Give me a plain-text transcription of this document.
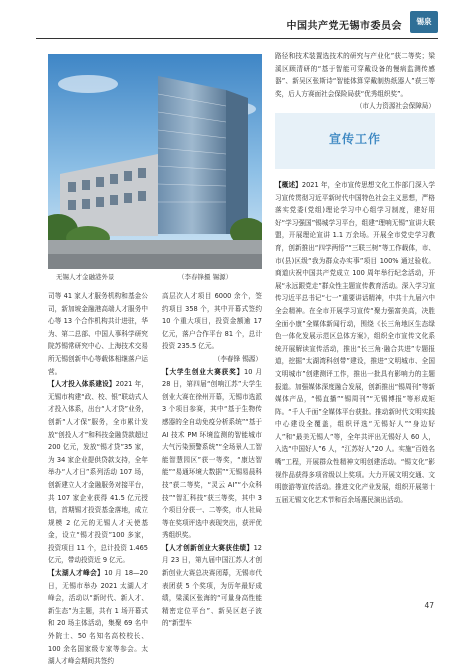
中国共产党无锡市委员会	锡泉
无锡人才金融港外景	（李春锋摄 锡源）

路径和技术装置选技术的研究与产业化”获二等奖；梁溪区顾清研的“基于智能可穿戴设备的慢病监测传感器”、新吴区张斯诗“智能体算穿戴制热纸器人”获三等奖，后人方赛面社会保险局获“优秀组织奖”。

（市人力资源社会保障局）

宣传工作

【概述】2021 年，全市宣传思想文化工作部门深入学习宣传贯彻习近平新时代中国特色社会主义思想，严格落实党委(党组)理论学习中心组学习制度，建好用好“学习强国”锡城学习平台，组建“理响无锡”宣讲大联盟，开展理论宣讲 1.1 万余场。开展全市党史学习教育，创新推出“四学两悟”“三联三树”等工作载体，市、市(县)区级“我为群众办实事”项目 100% 通过验收。商道庆祝中国共产党成立 100 周年举行纪念活动，开展“永远跟党走”群众性主题宣传教育活动。深入学习宣传习近平总书记“七一”重要讲话精神，中共十九届六中全会精神。在全市开展学习宣传“聚力强富美高，决胜全面小康”全媒体新闻行动，围绕《长三角地区生态绿色一体化发展示范区总体方案》，组织全市宣传文化系统开展解读宣传活动，推出“长三角·融合共进”专题报道，挖掘“太湖湾科创带”建设，推进“文明城市、全国文明城市”创建测评工作，推出一批具有影响力的主题报道。加强媒体深度融合发展，创新推出“锡周刊”等新媒体产品，“锡直播”“锡周刊”“无锡博报”等形成矩阵。“千人千面”全媒体平台获批。推动新时代文明实践中心建设全覆盖，组织评选“无锡好人”“身边好人”和“最美无锡人”等，全年共评出无锡好人 60 人，入选“中国好人”6 人，“江苏好人”20 人。实施“百姓名嘴”工程，开展群众性精神文明创建活动。“锡文化”影视作品获得多项省级以上奖项。大力开展文明交通、文明旅游等宣传活动。推进文化产业发展，组织开展第十五届无锡文化艺术节和百余场惠民演出活动。

司等 41 家人才服务机构和基金公司，新加坡金融港高端人才服务中心等 13 个合作机构共计进驻，华为、第二总部、中国人事科学研究院苏锡常研究中心、上海技术交易所无锡创新中心等载体相继落户运营。

【人才投入体系建设】2021 年，无锡市构建“政、校、银”联动式人才投入体系，出台“人才贷”业务，创新“人才保”服务，全市累计发放“创投人才”和科技金融贷款超过 200 亿元，发放“锡才贷”35 家，为 34 家企业提供贷款支持，全年举办“人才日”系列活动 107 场，创新建立人才金融服务对接平台，共 107 家企业获得 41.5 亿元授信，首期锡才投资基金落地，成立规模 2 亿元的无锡人才天使基金，设立“锡才投资”100 多家，投资项目 11 个，总计投资 1.465 亿元，带动投资近 9 亿元。

【太湖人才峰会】10 月 18—20 日，无锡市举办 2021 太湖人才峰会，活动以“新时代、新人才、新生态”为主题，共有 1 场开幕式和 20 场主体活动，集聚 69 名中外院士、50 名知名高校校长、100 余名国家级专家等参会。太湖人才峰会期间共签约

高层次人才项目 6000 余个，签约项目 358 个，其中开幕式签约 10 个重大项目，投资金额逾 17 亿元，落户合作平台 81 个，总计投资 235.5 亿元。

（李春锋 锡源）

【大学生创业大赛获奖】10 月 28 日，第四届“创响江苏”大学生创业大赛在徐州开幕，无锡市选派 3 个项目参赛，其中“基于生物传感器的全自动免疫分析系统”“基于 AI 技术 PM 环境监测的智能城市大气污染预警系统”“全场景人工智能智慧园区”获一等奖，“康达智能”“易通环境大数据”“无锡易晨科技”获二等奖，“灵云 AI”“小众科技”“智汇科技”获三等奖，其中 3 个项目分获一、二等奖，市人社局等在奖项评选中表现突出，获评优秀组织奖。

【人才创新创业大赛获佳绩】12 月 23 日，第九届中国江苏人才创新创业大赛总决赛闭幕，无锡市代表团获 5 个奖项，为历年最好成绩，梁溪区张海的“可量身高性能精密定位平台”、新吴区赵子波的“新型车

47
